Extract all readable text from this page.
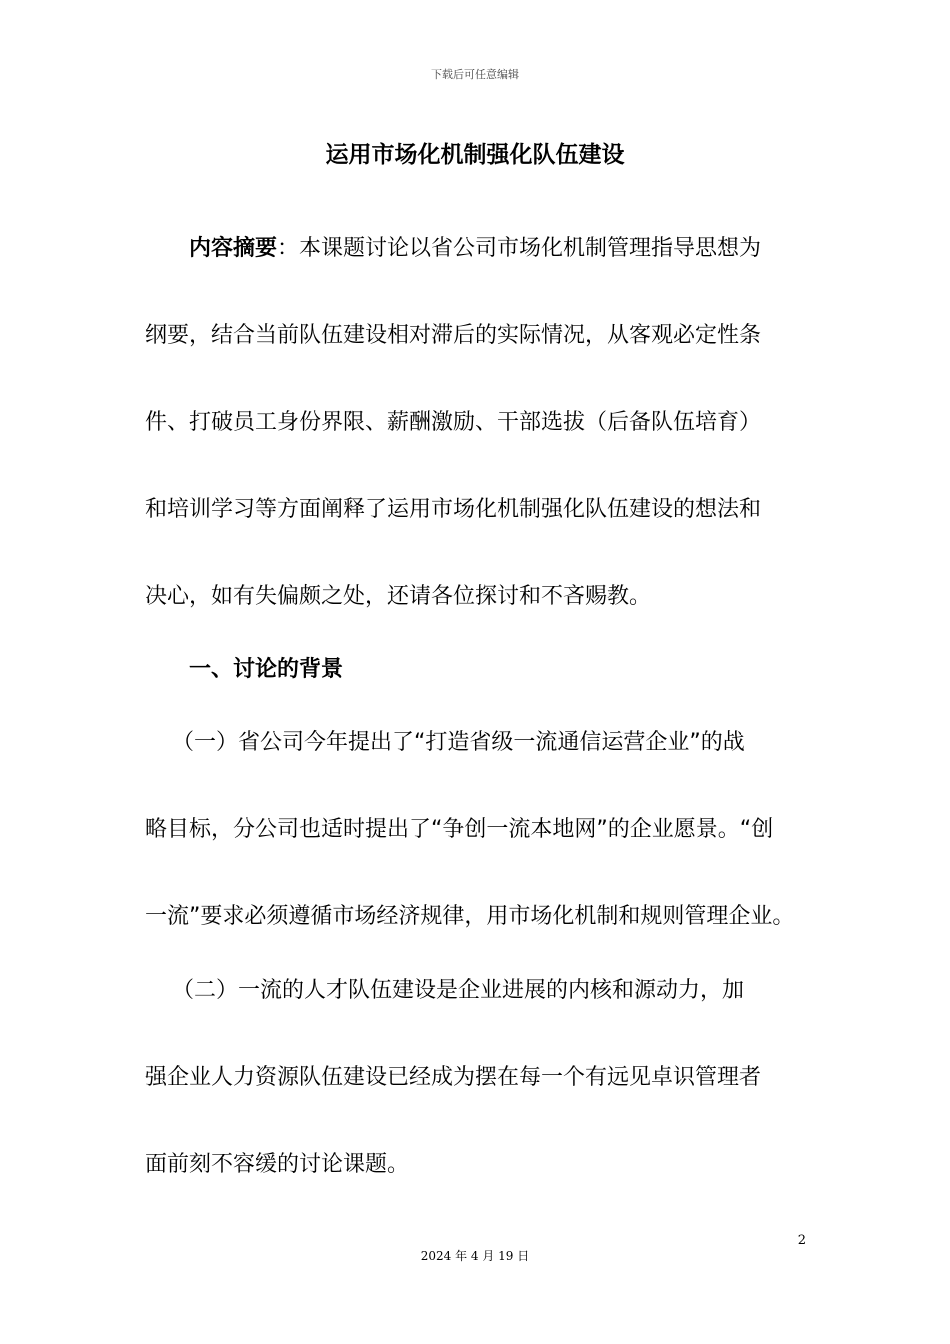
下载后可任意编辑
运用市场化机制强化队伍建设
内容摘要：本课题讨论以省公司市场化机制管理指导思想为
纲要，结合当前队伍建设相对滞后的实际情况，从客观必定性条
件、打破员工身份界限、薪酬激励、干部选拔（后备队伍培育）
和培训学习等方面阐释了运用市场化机制强化队伍建设的想法和
决心，如有失偏颇之处，还请各位探讨和不吝赐教。
一、讨论的背景
（一）省公司今年提出了“打造省级一流通信运营企业”的战
略目标，分公司也适时提出了“争创一流本地网”的企业愿景。“创
一流”要求必须遵循市场经济规律，用市场化机制和规则管理企业。
（二）一流的人才队伍建设是企业进展的内核和源动力，加
强企业人力资源队伍建设已经成为摆在每一个有远见卓识管理者
面前刻不容缓的讨论课题。
2
2024 年 4 月 19 日
